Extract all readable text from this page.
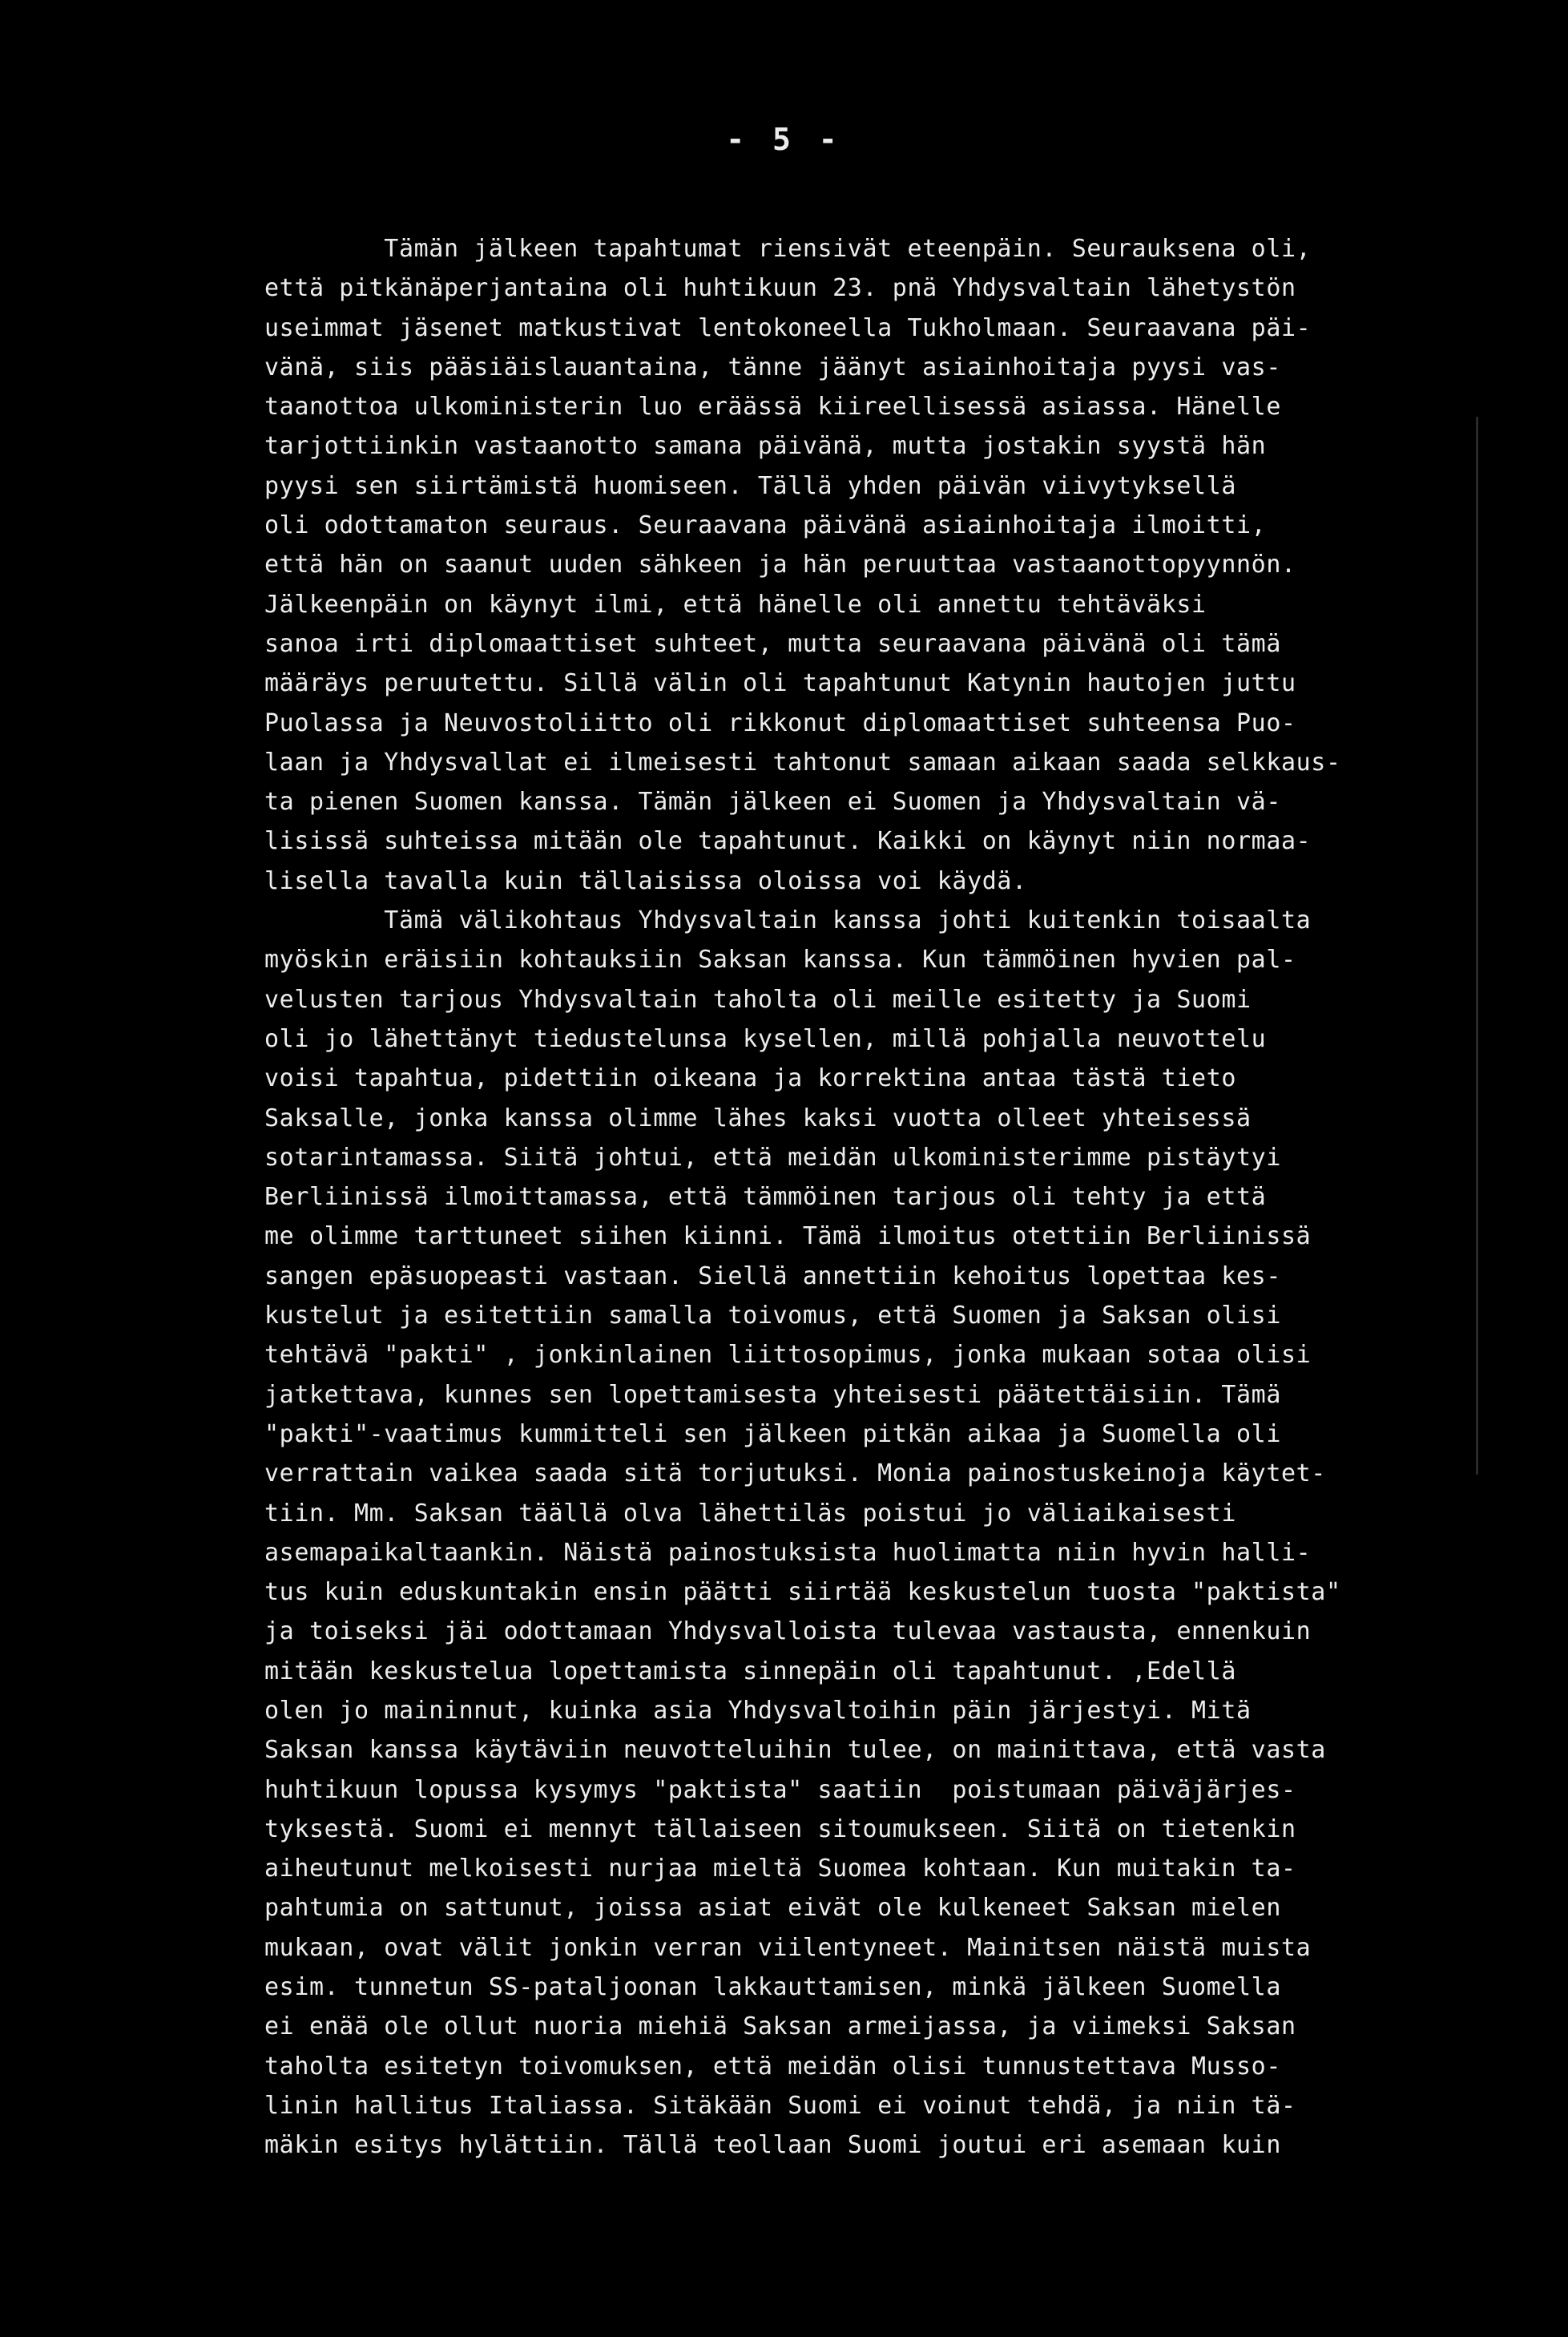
- 5 -
Tämän jälkeen tapahtumat riensivät eteenpäin. Seurauksena oli,
että pitkänäperjantaina oli huhtikuun 23. pnä Yhdysvaltain lähetystön
useimmat jäsenet matkustivat lentokoneella Tukholmaan. Seuraavana päi-
vänä, siis pääsiäislauantaina, tänne jäänyt asiainhoitaja pyysi vas-
taanottoa ulkoministerin luo eräässä kiireellisessä asiassa. Hänelle
tarjottiinkin vastaanotto samana päivänä, mutta jostakin syystä hän
pyysi sen siirtämistä huomiseen. Tällä yhden päivän viivytyksellä
oli odottamaton seuraus. Seuraavana päivänä asiainhoitaja ilmoitti,
että hän on saanut uuden sähkeen ja hän peruuttaa vastaanottopyynnön.
Jälkeenpäin on käynyt ilmi, että hänelle oli annettu tehtäväksi
sanoa irti diplomaattiset suhteet, mutta seuraavana päivänä oli tämä
määräys peruutettu. Sillä välin oli tapahtunut Katynin hautojen juttu
Puolassa ja Neuvostoliitto oli rikkonut diplomaattiset suhteensa Puo-
laan ja Yhdysvallat ei ilmeisesti tahtonut samaan aikaan saada selkkaus-
ta pienen Suomen kanssa. Tämän jälkeen ei Suomen ja Yhdysvaltain vä-
lisissä suhteissa mitään ole tapahtunut. Kaikki on käynyt niin normaa-
lisella tavalla kuin tällaisissa oloissa voi käydä.
Tämä välikohtaus Yhdysvaltain kanssa johti kuitenkin toisaalta
myöskin eräisiin kohtauksiin Saksan kanssa. Kun tämmöinen hyvien pal-
velusten tarjous Yhdysvaltain taholta oli meille esitetty ja Suomi
oli jo lähettänyt tiedustelunsa kysellen, millä pohjalla neuvottelu
voisi tapahtua, pidettiin oikeana ja korrektina antaa tästä tieto
Saksalle, jonka kanssa olimme lähes kaksi vuotta olleet yhteisessä
sotarintamassa. Siitä johtui, että meidän ulkoministerimme pistäytyi
Berliinissä ilmoittamassa, että tämmöinen tarjous oli tehty ja että
me olimme tarttuneet siihen kiinni. Tämä ilmoitus otettiin Berliinissä
sangen epäsuopeasti vastaan. Siellä annettiin kehoitus lopettaa kes-
kustelut ja esitettiin samalla toivomus, että Suomen ja Saksan olisi
tehtävä "pakti" , jonkinlainen liittosopimus, jonka mukaan sotaa olisi
jatkettava, kunnes sen lopettamisesta yhteisesti päätettäisiin. Tämä
"pakti"-vaatimus kummitteli sen jälkeen pitkän aikaa ja Suomella oli
verrattain vaikea saada sitä torjutuksi. Monia painostuskeinoja käytet-
tiin. Mm. Saksan täällä olva lähettiläs poistui jo väliaikaisesti
asemapaikaltaankin. Näistä painostuksista huolimatta niin hyvin halli-
tus kuin eduskuntakin ensin päätti siirtää keskustelun tuosta "paktista"
ja toiseksi jäi odottamaan Yhdysvalloista tulevaa vastausta, ennenkuin
mitään keskustelua lopettamista sinnepäin oli tapahtunut. ,Edellä
olen jo maininnut, kuinka asia Yhdysvaltoihin päin järjestyi. Mitä
Saksan kanssa käytäviin neuvotteluihin tulee, on mainittava, että vasta
huhtikuun lopussa kysymys "paktista" saatiin  poistumaan päiväjärjes-
tyksestä. Suomi ei mennyt tällaiseen sitoumukseen. Siitä on tietenkin
aiheutunut melkoisesti nurjaa mieltä Suomea kohtaan. Kun muitakin ta-
pahtumia on sattunut, joissa asiat eivät ole kulkeneet Saksan mielen
mukaan, ovat välit jonkin verran viilentyneet. Mainitsen näistä muista
esim. tunnetun SS-pataljoonan lakkauttamisen, minkä jälkeen Suomella
ei enää ole ollut nuoria miehiä Saksan armeijassa, ja viimeksi Saksan
taholta esitetyn toivomuksen, että meidän olisi tunnustettava Musso-
linin hallitus Italiassa. Sitäkään Suomi ei voinut tehdä, ja niin tä-
mäkin esitys hylättiin. Tällä teollaan Suomi joutui eri asemaan kuin
